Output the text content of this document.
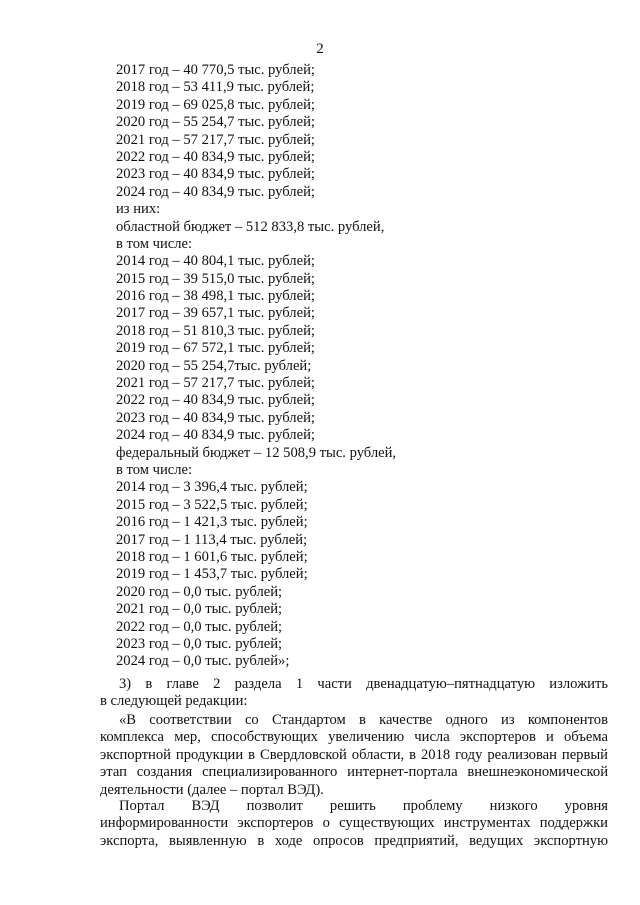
2
2017 год – 40 770,5 тыс. рублей;
2018 год – 53 411,9 тыс. рублей;
2019 год – 69 025,8 тыс. рублей;
2020 год – 55 254,7 тыс. рублей;
2021 год – 57 217,7 тыс. рублей;
2022 год – 40 834,9 тыс. рублей;
2023 год – 40 834,9 тыс. рублей;
2024 год – 40 834,9 тыс. рублей;
из них:
областной бюджет – 512 833,8 тыс. рублей,
в том числе:
2014 год – 40 804,1 тыс. рублей;
2015 год – 39 515,0 тыс. рублей;
2016 год – 38 498,1 тыс. рублей;
2017 год – 39 657,1 тыс. рублей;
2018 год – 51 810,3 тыс. рублей;
2019 год – 67 572,1 тыс. рублей;
2020 год – 55 254,7тыс. рублей;
2021 год – 57 217,7 тыс. рублей;
2022 год – 40 834,9 тыс. рублей;
2023 год – 40 834,9 тыс. рублей;
2024 год – 40 834,9 тыс. рублей;
федеральный бюджет – 12 508,9 тыс. рублей,
в том числе:
2014 год – 3 396,4 тыс. рублей;
2015 год – 3 522,5 тыс. рублей;
2016 год – 1 421,3 тыс. рублей;
2017 год – 1 113,4 тыс. рублей;
2018 год – 1 601,6 тыс. рублей;
2019 год – 1 453,7 тыс. рублей;
2020 год – 0,0 тыс. рублей;
2021 год – 0,0 тыс. рублей;
2022 год – 0,0 тыс. рублей;
2023 год – 0,0 тыс. рублей;
2024 год – 0,0 тыс. рублей»;
3) в главе 2 раздела 1 части двенадцатую–пятнадцатую изложить
в следующей редакции:
«В соответствии со Стандартом в качестве одного из компонентов
комплекса мер, способствующих увеличению числа экспортеров и объема
экспортной продукции в Свердловской области, в 2018 году реализован первый
этап создания специализированного интернет-портала внешнеэкономической
деятельности (далее – портал ВЭД).
Портал ВЭД позволит решить проблему низкого уровня
информированности экспортеров о существующих инструментах поддержки
экспорта, выявленную в ходе опросов предприятий, ведущих экспортную
